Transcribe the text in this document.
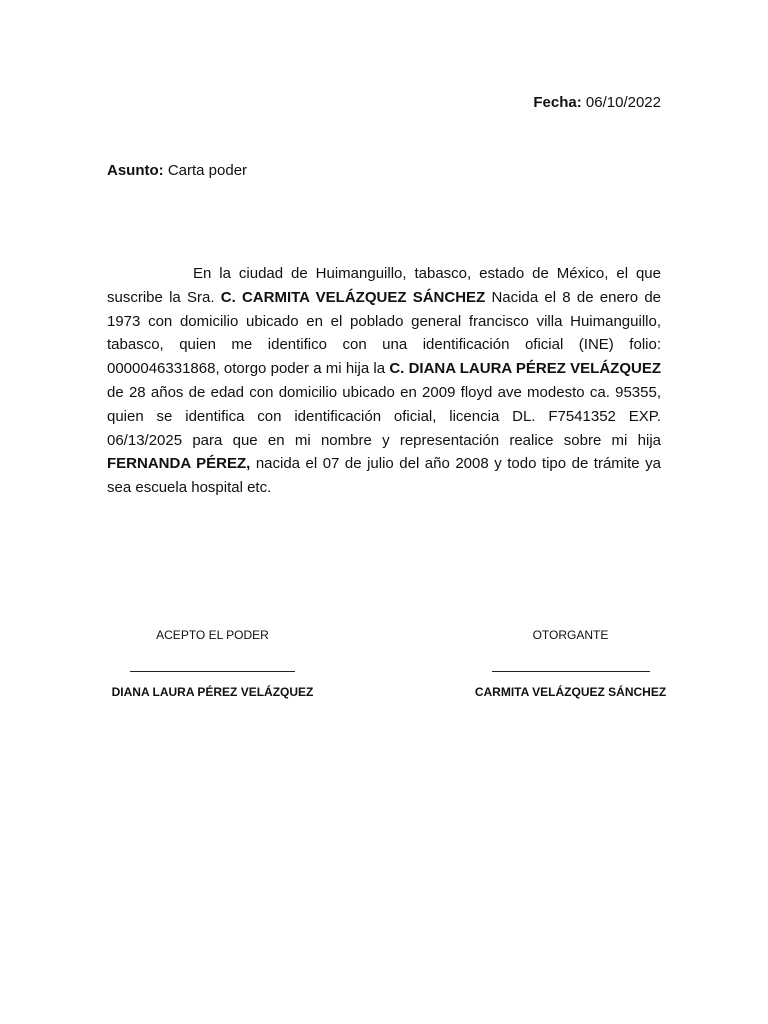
Fecha: 06/10/2022
Asunto: Carta poder

En la ciudad de Huimanguillo, tabasco, estado de México, el que suscribe la Sra. C. CARMITA VELÁZQUEZ SÁNCHEZ Nacida el 8 de enero de 1973 con domicilio ubicado en el poblado general francisco villa Huimanguillo, tabasco, quien me identifico con una identificación oficial (INE) folio: 0000046331868, otorgo poder a mi hija la C. DIANA LAURA PÉREZ VELÁZQUEZ de 28 años de edad con domicilio ubicado en 2009 floyd ave modesto ca. 95355, quien se identifica con identificación oficial, licencia DL. F7541352 EXP. 06/13/2025 para que en mi nombre y representación realice sobre mi hija FERNANDA PÉREZ, nacida el 07 de julio del año 2008 y todo tipo de trámite ya sea escuela hospital etc.

ACEPTO EL PODER
DIANA LAURA PÉREZ VELÁZQUEZ
OTORGANTE
CARMITA VELÁZQUEZ SÁNCHEZ
